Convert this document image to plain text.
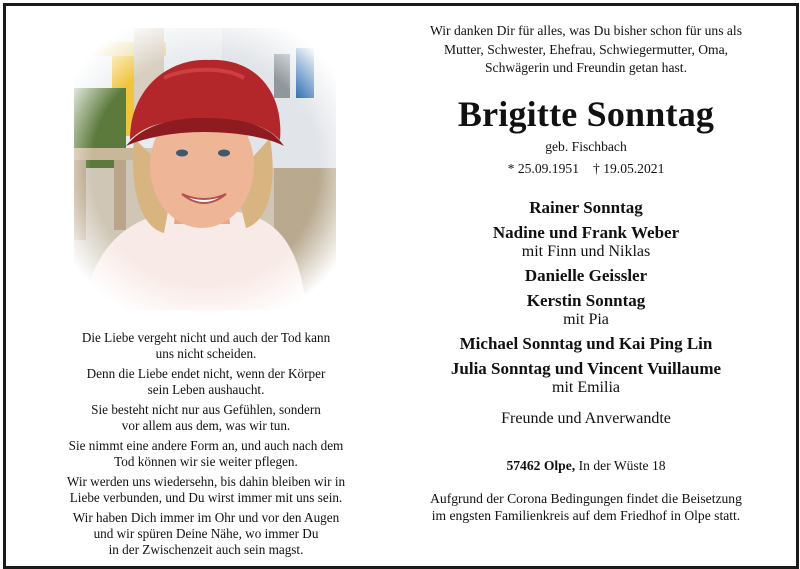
Die Liebe vergeht nicht und auch der Tod kann
uns nicht scheiden.
Denn die Liebe endet nicht, wenn der Körper
sein Leben aushaucht.
Sie besteht nicht nur aus Gefühlen, sondern
vor allem aus dem, was wir tun.
Sie nimmt eine andere Form an, und auch nach dem
Tod können wir sie weiter pflegen.
Wir werden uns wiedersehn, bis dahin bleiben wir in
Liebe verbunden, und Du wirst immer mit uns sein.
Wir haben Dich immer im Ohr und vor den Augen
und wir spüren Deine Nähe, wo immer Du
in der Zwischenzeit auch sein magst.
Wir danken Dir für alles, was Du bisher schon für uns als
Mutter, Schwester, Ehefrau, Schwiegermutter, Oma,
Schwägerin und Freundin getan hast.
Brigitte Sonntag
geb. Fischbach
* 25.09.1951 † 19.05.2021
Rainer Sonntag
Nadine und Frank Weber
mit Finn und Niklas
Danielle Geissler
Kerstin Sonntag
mit Pia
Michael Sonntag und Kai Ping Lin
Julia Sonntag und Vincent Vuillaume
mit Emilia
Freunde und Anverwandte
57462 Olpe, In der Wüste 18
Aufgrund der Corona Bedingungen findet die Beisetzung
im engsten Familienkreis auf dem Friedhof in Olpe statt.
